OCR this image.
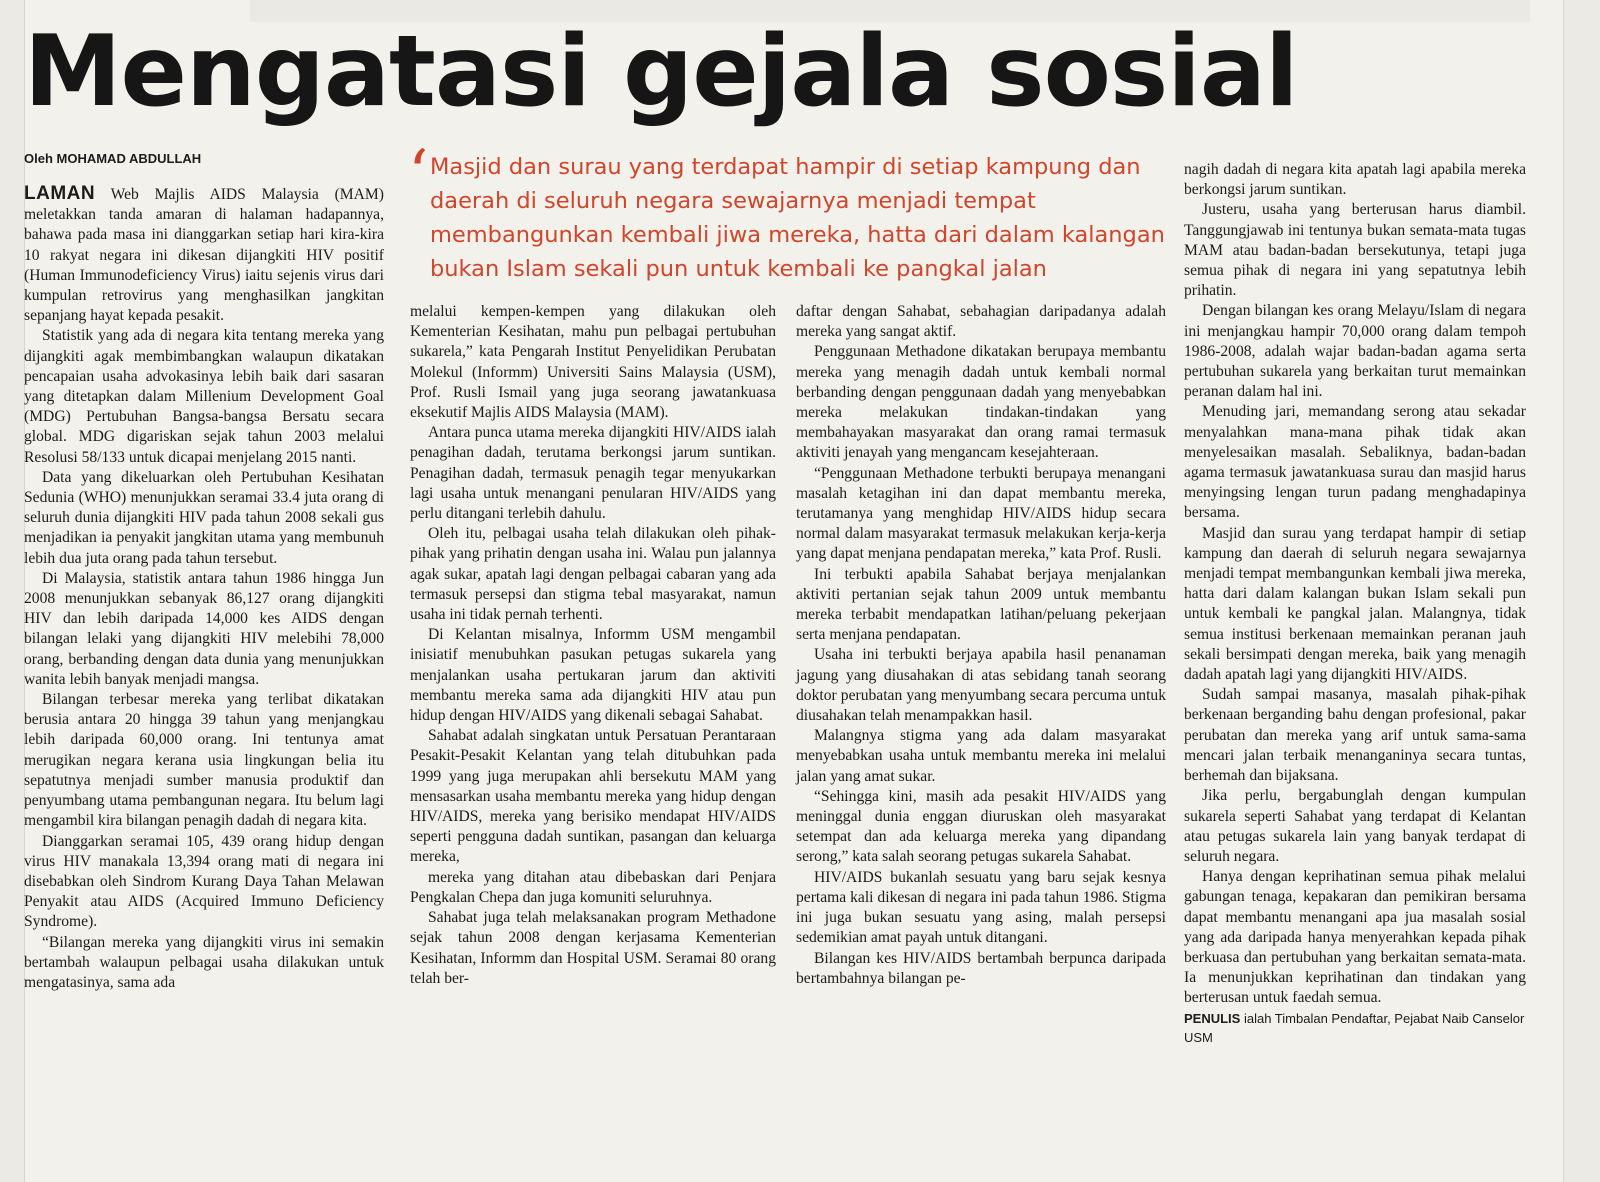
Mengatasi gejala sosial
Oleh MOHAMAD ABDULLAH	‘ Masjid dan surau yang terdapat hampir di setiap kampung dan daerah di seluruh negara sewajarnya menjadi tempat membangunkan kembali jiwa mereka, hatta dari dalam kalangan bukan Islam sekali pun untuk kembali ke pangkal jalan

LAMAN Web Majlis AIDS Malaysia (MAM) meletakkan tanda amaran di halaman hadapannya, bahawa pada masa ini dianggarkan setiap hari kira-kira 10 rakyat negara ini dikesan dijangkiti HIV positif (Human Immunodeficiency Virus) iaitu sejenis virus dari kumpulan retrovirus yang menghasilkan jangkitan sepanjang hayat kepada pesakit.

Statistik yang ada di negara kita tentang mereka yang dijangkiti agak membimbangkan walaupun dikatakan pencapaian usaha advokasinya lebih baik dari sasaran yang ditetapkan dalam Millenium Development Goal (MDG) Pertubuhan Bangsa-bangsa Bersatu secara global. MDG digariskan sejak tahun 2003 melalui Resolusi 58/133 untuk dicapai menjelang 2015 nanti.

Data yang dikeluarkan oleh Pertubuhan Kesihatan Sedunia (WHO) menunjukkan seramai 33.4 juta orang di seluruh dunia dijangkiti HIV pada tahun 2008 sekali gus menjadikan ia penyakit jangkitan utama yang membunuh lebih dua juta orang pada tahun tersebut.

Di Malaysia, statistik antara tahun 1986 hingga Jun 2008 menunjukkan sebanyak 86,127 orang dijangkiti HIV dan lebih daripada 14,000 kes AIDS dengan bilangan lelaki yang dijangkiti HIV melebihi 78,000 orang, berbanding dengan data dunia yang menunjukkan wanita lebih banyak menjadi mangsa.

Bilangan terbesar mereka yang terlibat dikatakan berusia antara 20 hingga 39 tahun yang menjangkau lebih daripada 60,000 orang. Ini tentunya amat merugikan negara kerana usia lingkungan belia itu sepatutnya menjadi sumber manusia produktif dan penyumbang utama pembangunan negara. Itu belum lagi mengambil kira bilangan penagih dadah di negara kita.

Dianggarkan seramai 105, 439 orang hidup dengan virus HIV manakala 13,394 orang mati di negara ini disebabkan oleh Sindrom Kurang Daya Tahan Melawan Penyakit atau AIDS (Acquired Immuno Deficiency Syndrome).

“Bilangan mereka yang dijangkiti virus ini semakin bertambah walaupun pelbagai usaha dilakukan untuk mengatasinya, sama ada

melalui kempen-kempen yang dilakukan oleh Kementerian Kesihatan, mahu pun pelbagai pertubuhan sukarela,” kata Pengarah Institut Penyelidikan Perubatan Molekul (Informm) Universiti Sains Malaysia (USM), Prof. Rusli Ismail yang juga seorang jawatankuasa eksekutif Majlis AIDS Malaysia (MAM).

Antara punca utama mereka dijangkiti HIV/AIDS ialah penagihan dadah, terutama berkongsi jarum suntikan. Penagihan dadah, termasuk penagih tegar menyukarkan lagi usaha untuk menangani penularan HIV/AIDS yang perlu ditangani terlebih dahulu.

Oleh itu, pelbagai usaha telah dilakukan oleh pihak-pihak yang prihatin dengan usaha ini. Walau pun jalannya agak sukar, apatah lagi dengan pelbagai cabaran yang ada termasuk persepsi dan stigma tebal masyarakat, namun usaha ini tidak pernah terhenti.

Di Kelantan misalnya, Informm USM mengambil inisiatif menubuhkan pasukan petugas sukarela yang menjalankan usaha pertukaran jarum dan aktiviti membantu mereka sama ada dijangkiti HIV atau pun hidup dengan HIV/AIDS yang dikenali sebagai Sahabat.

Sahabat adalah singkatan untuk Persatuan Perantaraan Pesakit-Pesakit Kelantan yang telah ditubuhkan pada 1999 yang juga merupakan ahli bersekutu MAM yang mensasarkan usaha membantu mereka yang hidup dengan HIV/AIDS, mereka yang berisiko mendapat HIV/AIDS seperti pengguna dadah suntikan, pasangan dan keluarga mereka,

mereka yang ditahan atau dibebaskan dari Penjara Pengkalan Chepa dan juga komuniti seluruhnya.

Sahabat juga telah melaksanakan program Methadone sejak tahun 2008 dengan kerjasama Kementerian Kesihatan, Informm dan Hospital USM. Seramai 80 orang telah ber-

daftar dengan Sahabat, sebahagian daripadanya adalah mereka yang sangat aktif.

Penggunaan Methadone dikatakan berupaya membantu mereka yang menagih dadah untuk kembali normal berbanding dengan penggunaan dadah yang menyebabkan mereka melakukan tindakan-tindakan yang membahayakan masyarakat dan orang ramai termasuk aktiviti jenayah yang mengancam kesejahteraan.

“Penggunaan Methadone terbukti berupaya menangani masalah ketagihan ini dan dapat membantu mereka, terutamanya yang menghidap HIV/AIDS hidup secara normal dalam masyarakat termasuk melakukan kerja-kerja yang dapat menjana pendapatan mereka,” kata Prof. Rusli.

Ini terbukti apabila Sahabat berjaya menjalankan aktiviti pertanian sejak tahun 2009 untuk membantu mereka terbabit mendapatkan latihan/peluang pekerjaan serta menjana pendapatan.

Usaha ini terbukti berjaya apabila hasil penanaman jagung yang diusahakan di atas sebidang tanah seorang doktor perubatan yang menyumbang secara percuma untuk diusahakan telah menampakkan hasil.

Malangnya stigma yang ada dalam masyarakat menyebabkan usaha untuk membantu mereka ini melalui jalan yang amat sukar.

“Sehingga kini, masih ada pesakit HIV/AIDS yang meninggal dunia enggan diuruskan oleh masyarakat setempat dan ada keluarga mereka yang dipandang serong,” kata salah seorang petugas sukarela Sahabat.

HIV/AIDS bukanlah sesuatu yang baru sejak kesnya pertama kali dikesan di negara ini pada tahun 1986. Stigma ini juga bukan sesuatu yang asing, malah persepsi sedemikian amat payah untuk ditangani.

Bilangan kes HIV/AIDS bertambah berpunca daripada bertambahnya bilangan pe-

nagih dadah di negara kita apatah lagi apabila mereka berkongsi jarum suntikan.

Justeru, usaha yang berterusan harus diambil. Tanggungjawab ini tentunya bukan semata-mata tugas MAM atau badan-badan bersekutunya, tetapi juga semua pihak di negara ini yang sepatutnya lebih prihatin.

Dengan bilangan kes orang Melayu/Islam di negara ini menjangkau hampir 70,000 orang dalam tempoh 1986-2008, adalah wajar badan-badan agama serta pertubuhan sukarela yang berkaitan turut memainkan peranan dalam hal ini.

Menuding jari, memandang serong atau sekadar menyalahkan mana-mana pihak tidak akan menyelesaikan masalah. Sebaliknya, badan-badan agama termasuk jawatankuasa surau dan masjid harus menyingsing lengan turun padang menghadapinya bersama.

Masjid dan surau yang terdapat hampir di setiap kampung dan daerah di seluruh negara sewajarnya menjadi tempat membangunkan kembali jiwa mereka, hatta dari dalam kalangan bukan Islam sekali pun untuk kembali ke pangkal jalan. Malangnya, tidak semua institusi berkenaan memainkan peranan jauh sekali bersimpati dengan mereka, baik yang menagih dadah apatah lagi yang dijangkiti HIV/AIDS.

Sudah sampai masanya, masalah pihak-pihak berkenaan berganding bahu dengan profesional, pakar perubatan dan mereka yang arif untuk sama-sama mencari jalan terbaik menanganinya secara tuntas, berhemah dan bijaksana.

Jika perlu, bergabunglah dengan kumpulan sukarela seperti Sahabat yang terdapat di Kelantan atau petugas sukarela lain yang banyak terdapat di seluruh negara.

Hanya dengan keprihatinan semua pihak melalui gabungan tenaga, kepakaran dan pemikiran bersama dapat membantu menangani apa jua masalah sosial yang ada daripada hanya menyerahkan kepada pihak berkuasa dan pertubuhan yang berkaitan semata-mata. Ia menunjukkan keprihatinan dan tindakan yang berterusan untuk faedah semua.

PENULIS ialah Timbalan Pendaftar, Pejabat Naib Canselor USM
